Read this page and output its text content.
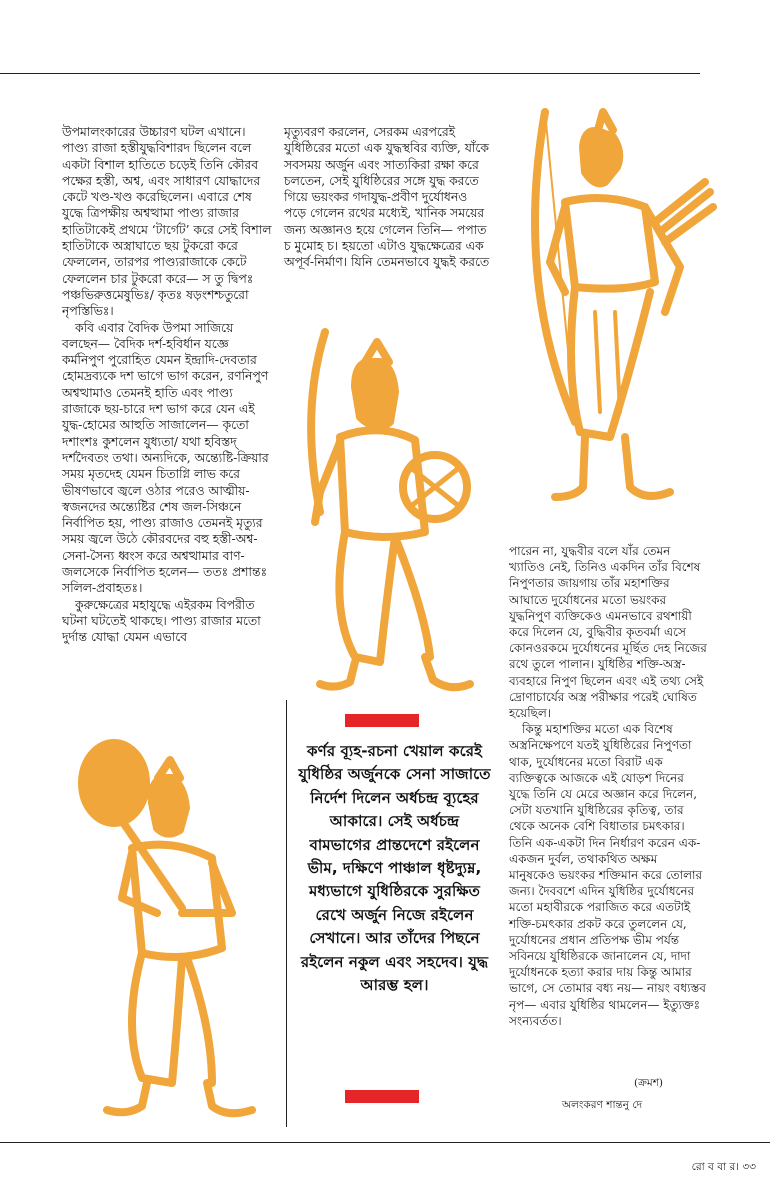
উপমালংকারের উচ্চারণ ঘটল এখানে। পাণ্ড্য রাজা হস্তীযুদ্ধবিশারদ ছিলেন বলে একটা বিশাল হাতিতে চড়েই তিনি কৌরব পক্ষের হস্তী, অশ্ব, এবং সাধারণ যোদ্ধাদের কেটে খণ্ড-খণ্ড করেছিলেন। এবারে শেষ যুদ্ধে ত্রিপক্ষীয় অশ্বত্থামা পাণ্ড্য রাজার হাতিটাকেই প্রথমে ‘টার্গেট’ করে সেই বিশাল হাতিটাকে অস্ত্রাঘাতে ছয় টুকরো করে ফেললেন, তারপর পাণ্ড্যরাজাকে কেটে ফেললেন চার টুকরো করে— স তু দ্বিপঃ পঞ্চভিরুত্তমেষুভিঃ/ কৃতঃ ষড়ংশশ্চতুরো নৃপস্তিভিঃ।

কবি এবার বৈদিক উপমা সাজিয়ে বলছেন— বৈদিক দর্শ-হবির্ধান যজ্ঞে কর্মনিপুণ পুরোহিত যেমন ইন্দ্রাদি-দেবতার হোমদ্রব্যকে দশ ভাগে ভাগ করেন, রণনিপুণ অশ্বত্থামাও তেমনই হাতি এবং পাণ্ড্য রাজাকে ছয়-চারে দশ ভাগ করে যেন এই যুদ্ধ-হোমের আহুতি সাজালেন— কৃতো দশাংশঃ কুশলেন যুধ্যতা/ যথা হবিস্তদ্ দর্শদৈবতং তথা। অন্যদিকে, অন্ত্যেষ্টি-ক্রিয়ার সময় মৃতদেহ যেমন চিতাগ্নি লাভ করে ভীষণভাবে জ্বলে ওঠার পরেও আত্মীয়-স্বজনদের অন্ত্যেষ্টির শেষ জল-সিঞ্চনে নির্বাপিত হয়, পাণ্ড্য রাজাও তেমনই মৃত্যুর সময় জ্বলে উঠে কৌরবদের বহু হস্তী-অশ্ব-সেনা-সৈন্য ধ্বংস করে অশ্বত্থামার বাণ-জলসেকে নির্বাপিত হলেন— ততঃ প্রশান্তঃ সলিল-প্রবাহতঃ।

কুরুক্ষেত্রের মহাযুদ্ধে এইরকম বিপরীত ঘটনা ঘটতেই থাকছে। পাণ্ড্য রাজার মতো দুর্দান্ত যোদ্ধা যেমন এভাবে

মৃত্যুবরণ করলেন, সেরকম এরপরেই যুধিষ্ঠিরের মতো এক যুদ্ধস্থবির ব্যক্তি, যাঁকে সবসময় অর্জুন এবং সাত্যকিরা রক্ষা করে চলতেন, সেই যুধিষ্ঠিরের সঙ্গে যুদ্ধ করতে গিয়ে ভয়ংকর গদাযুদ্ধ-প্রবীণ দুর্যোধনও পড়ে গেলেন রথের মধ্যেই, খানিক সময়ের জন্য অজ্ঞানও হয়ে গেলেন তিনি— পপাত চ মুমোহ চ। হয়তো এটাও যুদ্ধক্ষেত্রের এক অপূর্ব-নির্মাণ। যিনি তেমনভাবে যুদ্ধই করতে

পারেন না, যুদ্ধবীর বলে যাঁর তেমন খ্যাতিও নেই, তিনিও একদিন তাঁর বিশেষ নিপুণতার জায়গায় তাঁর মহাশক্তির আঘাতে দুর্যোধনের মতো ভয়ংকর যুদ্ধনিপুণ ব্যক্তিকেও এমনভাবে রথশায়ী করে দিলেন যে, বুদ্ধিবীর কৃতবর্মা এসে কোনওরকমে দুর্যোধনের মূর্ছিত দেহ নিজের রথে তুলে পালান। যুধিষ্ঠির শক্তি-অস্ত্র-ব্যবহারে নিপুণ ছিলেন এবং এই তথ্য সেই দ্রোণাচার্যের অস্ত্র পরীক্ষার পরেই ঘোষিত হয়েছিল।

কিন্তু মহাশক্তির মতো এক বিশেষ অস্ত্রনিক্ষেপণে যতই যুধিষ্ঠিরের নিপুণতা থাক, দুর্যোধনের মতো বিরাট এক ব্যক্তিত্বকে আজকে এই যোড়শ দিনের যুদ্ধে তিনি যে মেরে অজ্ঞান করে দিলেন, সেটা যতখানি যুধিষ্ঠিরের কৃতিত্ব, তার থেকে অনেক বেশি বিধাতার চমৎকার। তিনি এক-একটা দিন নির্ধারণ করেন এক-একজন দুর্বল, তথাকথিত অক্ষম মানুষকেও ভয়ংকর শক্তিমান করে তোলার জন্য। দৈববশে এদিন যুধিষ্ঠির দুর্যোধনের মতো মহাবীরকে পরাজিত করে এতটাই শক্তি-চমৎকার প্রকট করে তুললেন যে, দুর্যোধনের প্রধান প্রতিপক্ষ ভীম পর্যন্ত সবিনয়ে যুধিষ্ঠিরকে জানালেন যে, দাদা দুর্যোধনকে হত্যা করার দায় কিন্তু আমার ভাগে, সে তোমার বধ্য নয়— নায়ং বধ্যস্তব নৃপ— এবার যুধিষ্ঠির থামলেন— ইত্যুক্তঃ সংন্যবর্তত।

(ক্রমশ)
অলংকরণ শান্তনু দে
কর্ণর ব্যূহ-রচনা খেয়াল করেই যুধিষ্ঠির অর্জুনকে সেনা সাজাতে নির্দেশ দিলেন অর্ধচন্দ্র ব্যূহের আকারে। সেই অর্ধচন্দ্র বামভাগের প্রান্তদেশে রইলেন ভীম, দক্ষিণে পাঞ্চাল ধৃষ্টদ্যুম্ন, মধ্যভাগে যুধিষ্ঠিরকে সুরক্ষিত রেখে অর্জুন নিজে রইলেন সেখানে। আর তাঁদের পিছনে রইলেন নকুল এবং সহদেব। যুদ্ধ আরম্ভ হল।
রো ব বা র। ৩৩
